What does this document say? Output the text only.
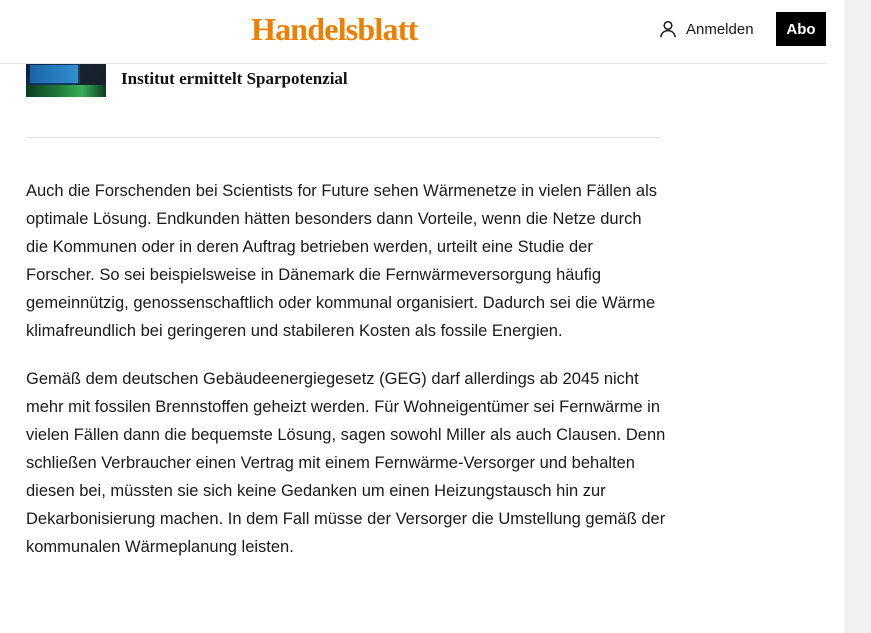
Handelsblatt	Anmelden	Abo
Institut ermittelt Sparpotenzial

Auch die Forschenden bei Scientists for Future sehen Wärmenetze in vielen Fällen als optimale Lösung. Endkunden hätten besonders dann Vorteile, wenn die Netze durch die Kommunen oder in deren Auftrag betrieben werden, urteilt eine Studie der Forscher. So sei beispielsweise in Dänemark die Fernwärmeversorgung häufig gemeinnützig, genossenschaftlich oder kommunal organisiert. Dadurch sei die Wärme klimafreundlich bei geringeren und stabileren Kosten als fossile Energien.

Gemäß dem deutschen Gebäudeenergiegesetz (GEG) darf allerdings ab 2045 nicht mehr mit fossilen Brennstoffen geheizt werden. Für Wohneigentümer sei Fernwärme in vielen Fällen dann die bequemste Lösung, sagen sowohl Miller als auch Clausen. Denn schließen Verbraucher einen Vertrag mit einem Fernwärme-Versorger und behalten diesen bei, müssten sie sich keine Gedanken um einen Heizungstausch hin zur Dekarbonisierung machen. In dem Fall müsse der Versorger die Umstellung gemäß der kommunalen Wärmeplanung leisten.
